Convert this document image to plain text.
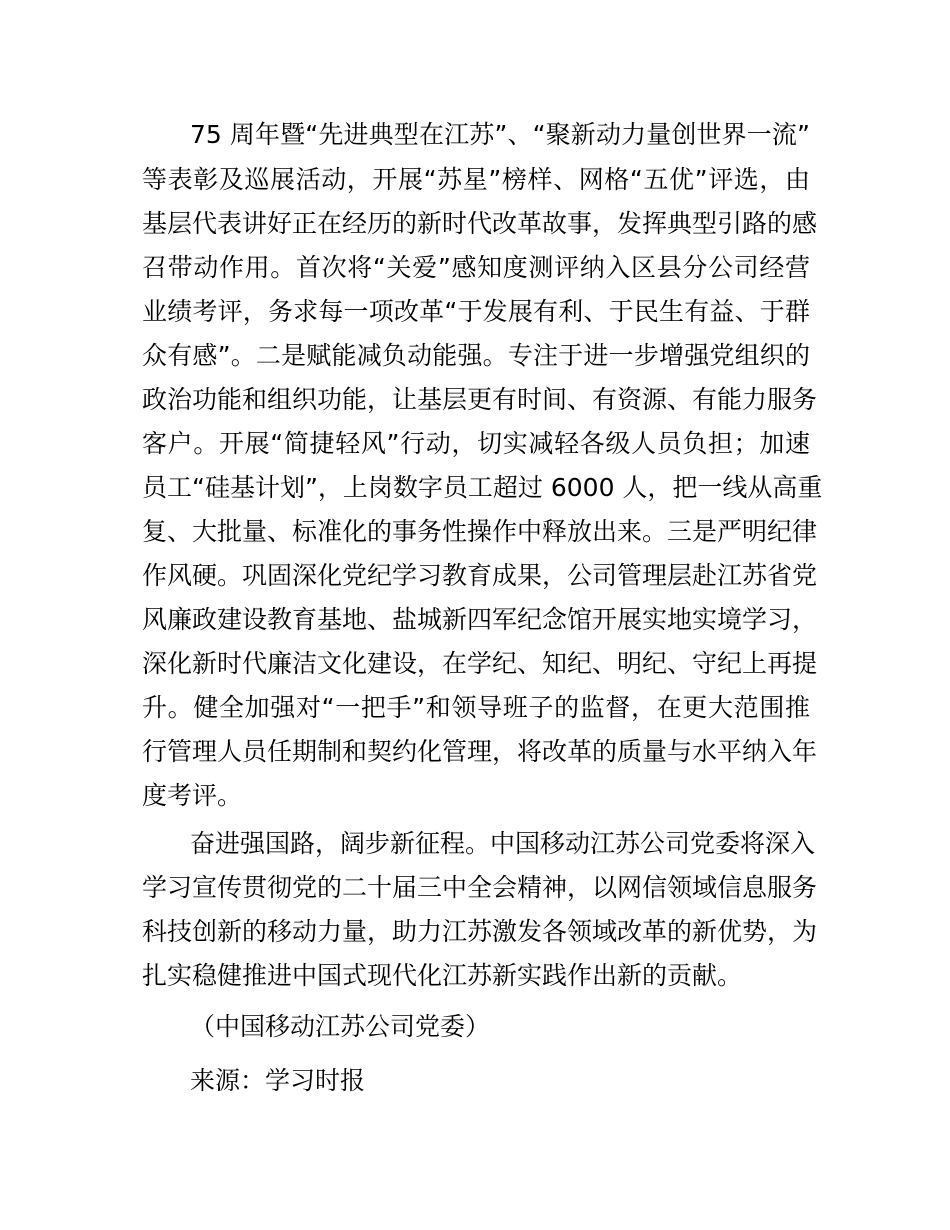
75 周年暨“先进典型在江苏”、“聚新动力量创世界一流”
等表彰及巡展活动，开展“苏星”榜样、网格“五优”评选，由
基层代表讲好正在经历的新时代改革故事，发挥典型引路的感
召带动作用。首次将“关爱”感知度测评纳入区县分公司经营
业绩考评，务求每一项改革“于发展有利、于民生有益、于群
众有感”。二是赋能减负动能强。专注于进一步增强党组织的
政治功能和组织功能，让基层更有时间、有资源、有能力服务
客户。开展“简捷轻风”行动，切实减轻各级人员负担；加速
员工“硅基计划”，上岗数字员工超过 6000 人，把一线从高重
复、大批量、标准化的事务性操作中释放出来。三是严明纪律
作风硬。巩固深化党纪学习教育成果，公司管理层赴江苏省党
风廉政建设教育基地、盐城新四军纪念馆开展实地实境学习，
深化新时代廉洁文化建设，在学纪、知纪、明纪、守纪上再提
升。健全加强对“一把手”和领导班子的监督，在更大范围推
行管理人员任期制和契约化管理，将改革的质量与水平纳入年
度考评。
奋进强国路，阔步新征程。中国移动江苏公司党委将深入
学习宣传贯彻党的二十届三中全会精神，以网信领域信息服务
科技创新的移动力量，助力江苏激发各领域改革的新优势，为
扎实稳健推进中国式现代化江苏新实践作出新的贡献。
（中国移动江苏公司党委）
来源：学习时报
